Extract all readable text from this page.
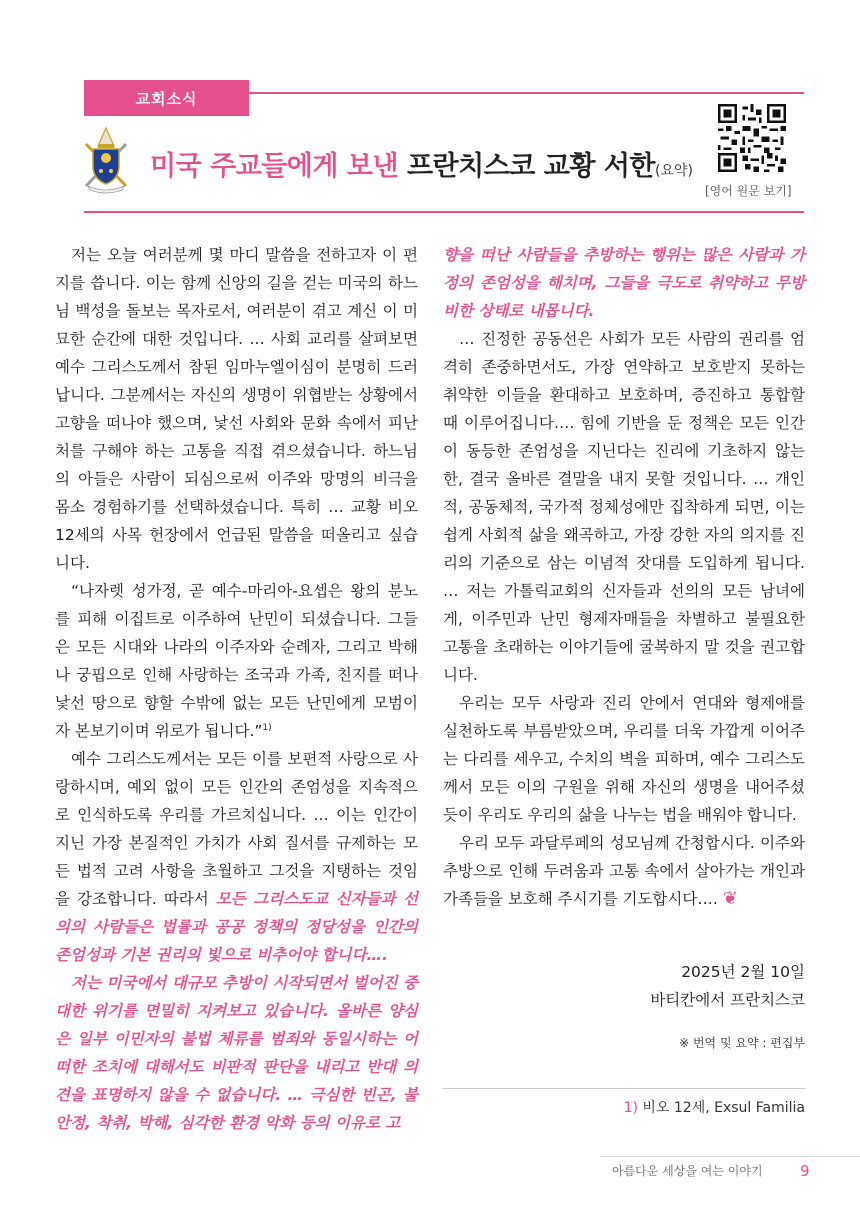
교회소식
미국 주교들에게 보낸 프란치스코 교황 서한(요약)
[영어 원문 보기]

저는 오늘 여러분께 몇 마디 말씀을 전하고자 이 편지를 씁니다. 이는 함께 신앙의 길을 걷는 미국의 하느님 백성을 돌보는 목자로서, 여러분이 겪고 계신 이 미묘한 순간에 대한 것입니다. … 사회 교리를 살펴보면 예수 그리스도께서 참된 임마누엘이심이 분명히 드러납니다. 그분께서는 자신의 생명이 위협받는 상황에서 고향을 떠나야 했으며, 낯선 사회와 문화 속에서 피난처를 구해야 하는 고통을 직접 겪으셨습니다. 하느님의 아들은 사람이 되심으로써 이주와 망명의 비극을 몸소 경험하기를 선택하셨습니다. 특히 … 교황 비오 12세의 사목 헌장에서 언급된 말씀을 떠올리고 싶습니다.

“나자렛 성가정, 곧 예수-마리아-요셉은 왕의 분노를 피해 이집트로 이주하여 난민이 되셨습니다. 그들은 모든 시대와 나라의 이주자와 순례자, 그리고 박해나 궁핍으로 인해 사랑하는 조국과 가족, 친지를 떠나 낯선 땅으로 향할 수밖에 없는 모든 난민에게 모범이자 본보기이며 위로가 됩니다.”$^{1)}$

예수 그리스도께서는 모든 이를 보편적 사랑으로 사랑하시며, 예외 없이 모든 인간의 존엄성을 지속적으로 인식하도록 우리를 가르치십니다. … 이는 인간이 지닌 가장 본질적인 가치가 사회 질서를 규제하는 모든 법적 고려 사항을 초월하고 그것을 지탱하는 것임을 강조합니다. 따라서 모든 그리스도교 신자들과 선의의 사람들은 법률과 공공 정책의 정당성을 인간의 존엄성과 기본 권리의 빛으로 비추어야 합니다….

저는 미국에서 대규모 추방이 시작되면서 벌어진 중대한 위기를 면밀히 지켜보고 있습니다. 올바른 양심은 일부 이민자의 불법 체류를 범죄와 동일시하는 어떠한 조치에 대해서도 비판적 판단을 내리고 반대 의견을 표명하지 않을 수 없습니다. … 극심한 빈곤, 불안정, 착취, 박해, 심각한 환경 악화 등의 이유로 고

향을 떠난 사람들을 추방하는 행위는 많은 사람과 가정의 존엄성을 해치며, 그들을 극도로 취약하고 무방비한 상태로 내몹니다.

… 진정한 공동선은 사회가 모든 사람의 권리를 엄격히 존중하면서도, 가장 연약하고 보호받지 못하는 취약한 이들을 환대하고 보호하며, 증진하고 통합할 때 이루어집니다…. 힘에 기반을 둔 정책은 모든 인간이 동등한 존엄성을 지닌다는 진리에 기초하지 않는 한, 결국 올바른 결말을 내지 못할 것입니다. … 개인적, 공동체적, 국가적 정체성에만 집착하게 되면, 이는 쉽게 사회적 삶을 왜곡하고, 가장 강한 자의 의지를 진리의 기준으로 삼는 이념적 잣대를 도입하게 됩니다. … 저는 가톨릭교회의 신자들과 선의의 모든 남녀에게, 이주민과 난민 형제자매들을 차별하고 불필요한 고통을 초래하는 이야기들에 굴복하지 말 것을 권고합니다.

우리는 모두 사랑과 진리 안에서 연대와 형제애를 실천하도록 부름받았으며, 우리를 더욱 가깝게 이어주는 다리를 세우고, 수치의 벽을 피하며, 예수 그리스도께서 모든 이의 구원을 위해 자신의 생명을 내어주셨듯이 우리도 우리의 삶을 나누는 법을 배워야 합니다.

우리 모두 과달루페의 성모님께 간청합시다. 이주와 추방으로 인해 두려움과 고통 속에서 살아가는 개인과 가족들을 보호해 주시기를 기도합시다…. ❦

2025년 2월 10일
바티칸에서 프란치스코
※ 번역 및 요약 : 편집부
1) 비오 12세, Exsul Familia
아름다운 세상을 여는 이야기 9
